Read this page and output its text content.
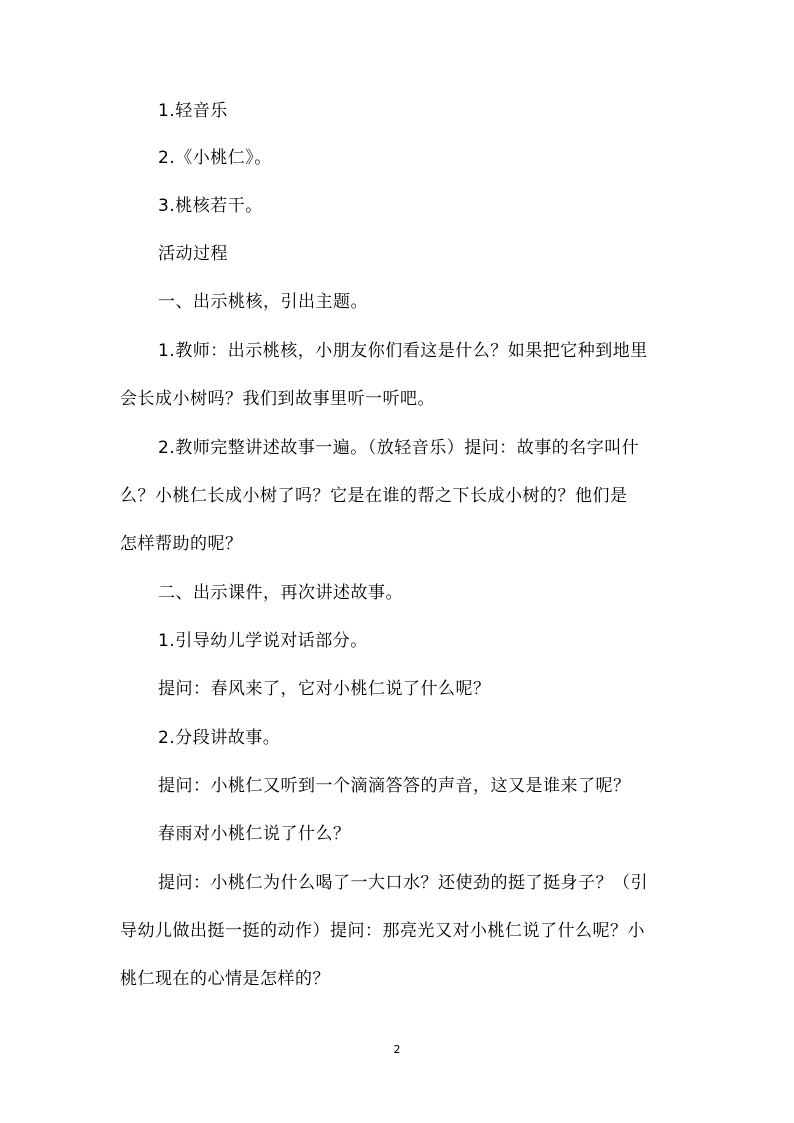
1.轻音乐
2.《小桃仁》。
3.桃核若干。
活动过程
一、出示桃核，引出主题。
1.教师：出示桃核，小朋友你们看这是什么？如果把它种到地里
会长成小树吗？我们到故事里听一听吧。
2.教师完整讲述故事一遍。（放轻音乐）提问：故事的名字叫什
么？小桃仁长成小树了吗？它是在谁的帮之下长成小树的？他们是
怎样帮助的呢？
二、出示课件，再次讲述故事。
1.引导幼儿学说对话部分。
提问：春风来了，它对小桃仁说了什么呢？
2.分段讲故事。
提问：小桃仁又听到一个滴滴答答的声音，这又是谁来了呢？
春雨对小桃仁说了什么？
提问：小桃仁为什么喝了一大口水？还使劲的挺了挺身子？（引
导幼儿做出挺一挺的动作）提问：那亮光又对小桃仁说了什么呢？小
桃仁现在的心情是怎样的？
2
